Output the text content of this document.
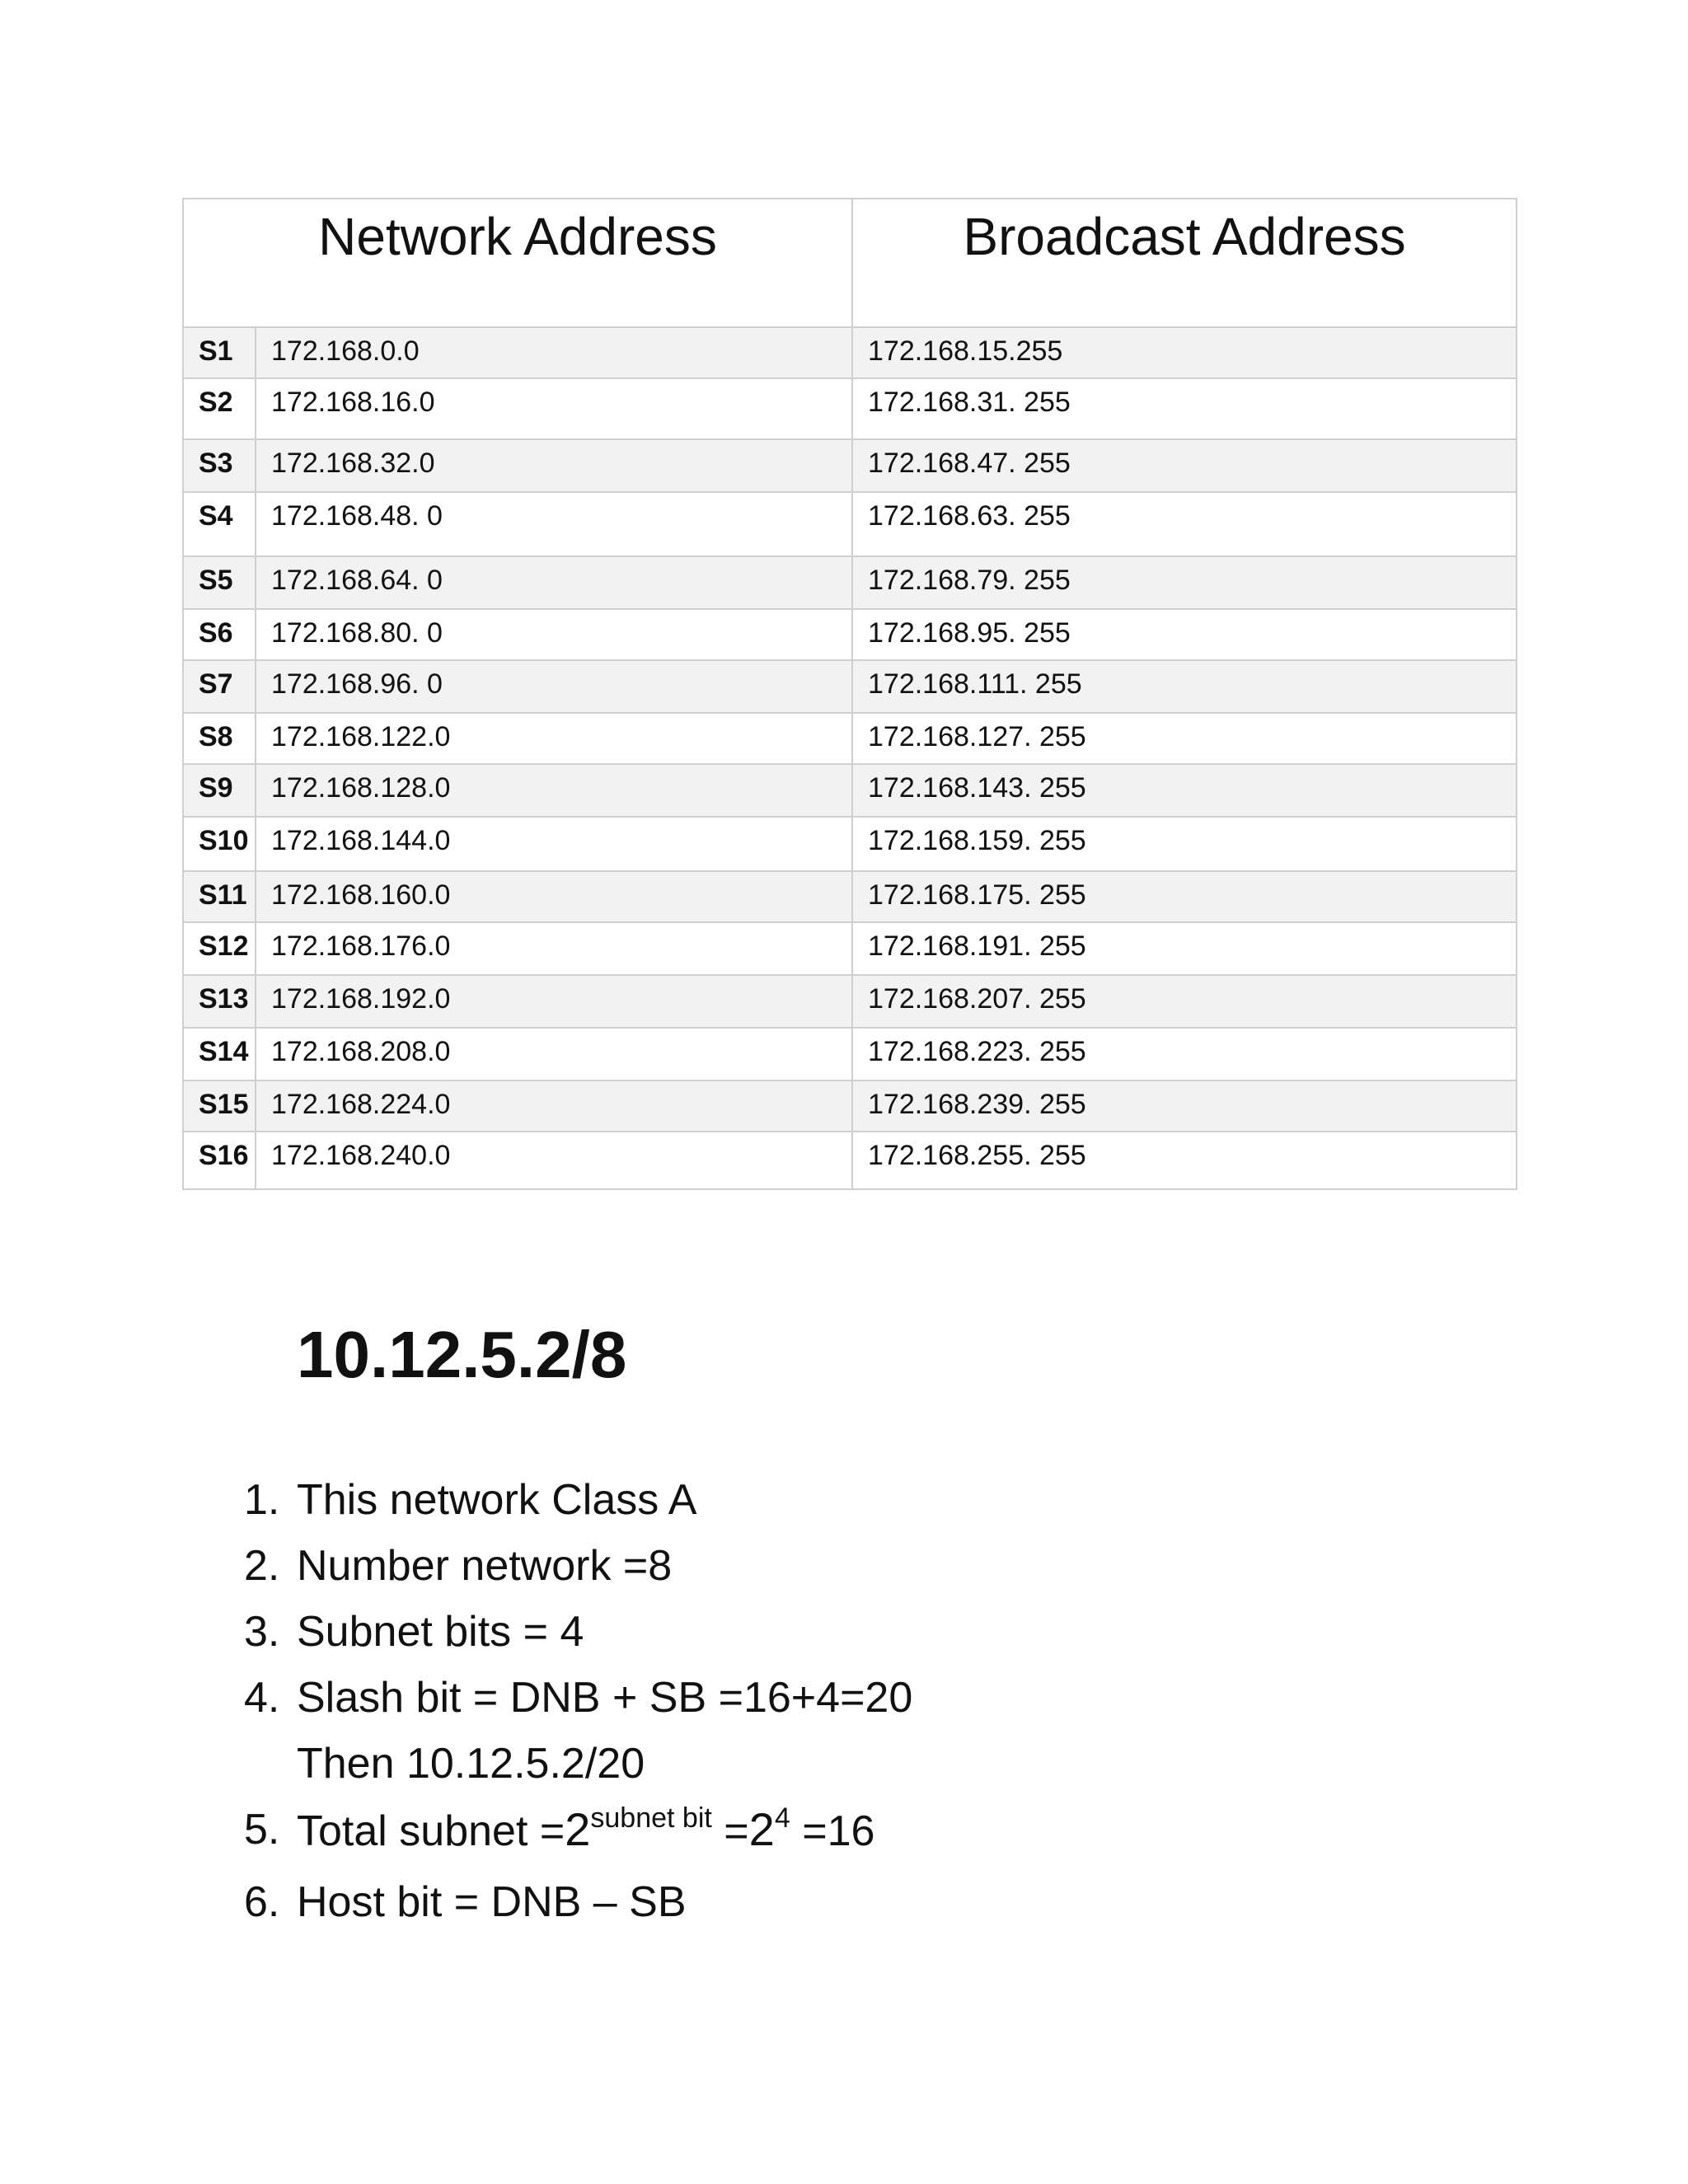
Network Address		Broadcast Address
S1	172.168.0.0	172.168.15.255
S2	172.168.16.0	172.168.31. 255
S3	172.168.32.0	172.168.47. 255
S4	172.168.48. 0	172.168.63. 255
S5	172.168.64. 0	172.168.79. 255
S6	172.168.80. 0	172.168.95. 255
S7	172.168.96. 0	172.168.111. 255
S8	172.168.122.0	172.168.127. 255
S9	172.168.128.0	172.168.143. 255
S10	172.168.144.0	172.168.159. 255
S11	172.168.160.0	172.168.175. 255
S12	172.168.176.0	172.168.191. 255
S13	172.168.192.0	172.168.207. 255
S14	172.168.208.0	172.168.223. 255
S15	172.168.224.0	172.168.239. 255
S16	172.168.240.0	172.168.255. 255
10.12.5.2/8
1. This network Class A
2. Number network =8
3. Subnet bits = 4
4. Slash bit = DNB + SB =16+4=20
Then 10.12.5.2/20
5. Total subnet $=2^{subnet bit} =2^4 =16$
6. Host bit = DNB – SB
